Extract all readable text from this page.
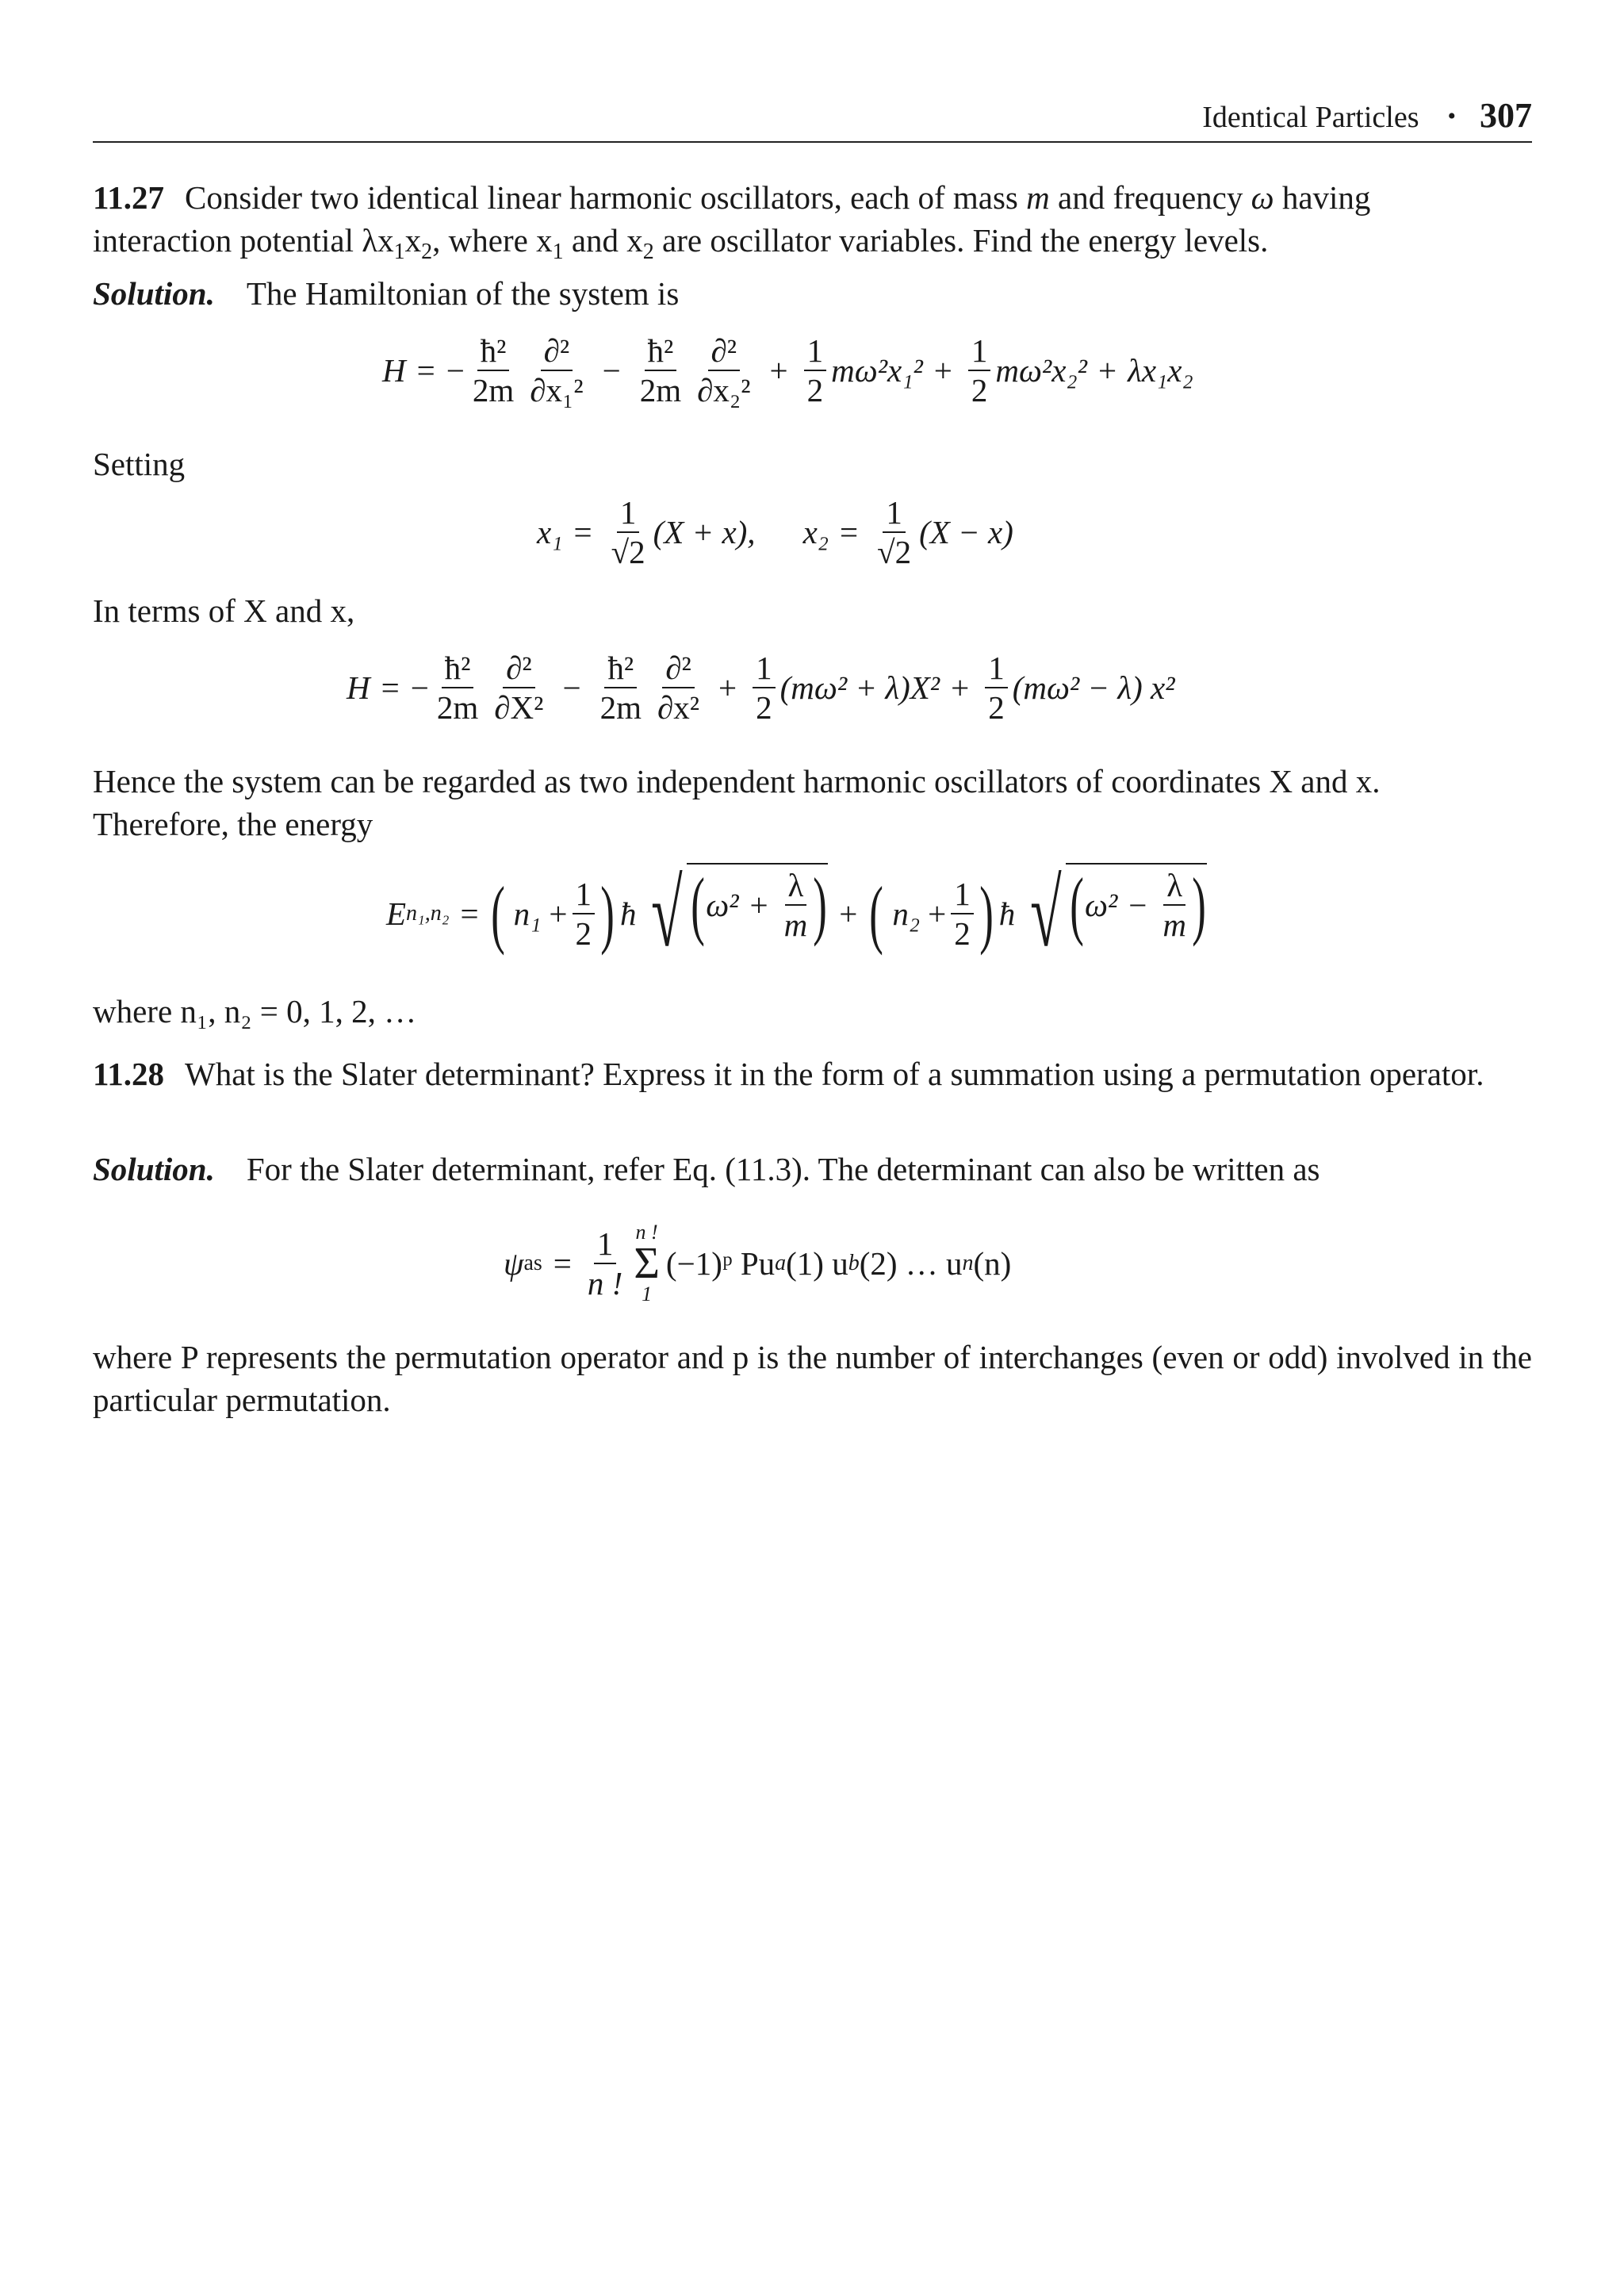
Identical Particles • 307
11.27 Consider two identical linear harmonic oscillators, each of mass m and frequency ω having
interaction potential $\lambda x_1x_2$, where $x_1$ and $x_2$ are oscillator variables. Find the energy levels.
Solution. The Hamiltonian of the system is
H = − $\frac{\text{ħ²}}{2m} \frac{\text{∂²}}{\text{∂x₁²}} - \frac{\text{ħ²}}{2m} \frac{\text{∂²}}{\text{∂x₂²}} + \frac{1}{2} m\omega^2x_1^2 + \frac{1}{2} m\omega^2x_2^2 + \lambda x_1x_2$
Setting
$x_1 = \frac{1}{√2} (X + x)$, $x_2 = \frac{1}{√2} (X - x)$
In terms of X and x,
H = − $\frac{\text{ħ²}}{2m} \frac{\text{∂²}}{\text{∂X²}} - \frac{\text{ħ²}}{2m} \frac{\text{∂²}}{\text{∂x²}} + \frac{1}{2} (m\omega^2 + \lambda)X^2 + \frac{1}{2} (m\omega^2 - \lambda)$ x²
Hence the system can be regarded as two independent harmonic oscillators of coordinates X and x.
Therefore, the energy
E n₁,n₂ = ( $n_1 + \frac{1}{2}$ ) ħ √ ( $\omega^2 + \frac{\lambda}{m}$ ) + ( $n_2 + \frac{1}{2}$ ) ħ √ ( $\omega^2 - \frac{\lambda}{m}$ )
where n₁, n₂ = 0, 1, 2, …
11.28 What is the Slater determinant? Express it in the form of a summation using a permutation operator.
Solution. For the Slater determinant, refer Eq. (11.3). The determinant can also be written as
ψ as = $\frac{1}{n !}$ n !
Σ
1
(−1)ᵖ Pu a (1) u b (2) … u n (n)
where P represents the permutation operator and p is the number of interchanges (even or odd) involved in the particular permutation.
